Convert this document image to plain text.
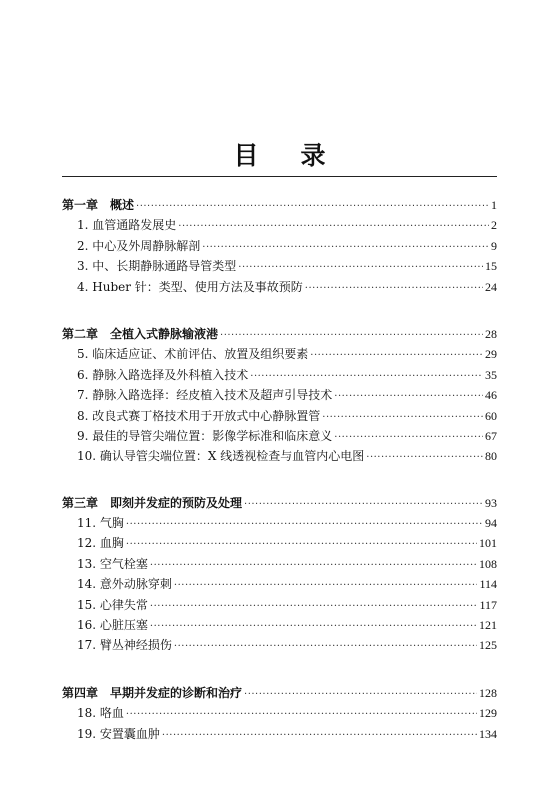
目录
第一章　概述 ·····	1
1. 血管通路发展史 ·····	2
2. 中心及外周静脉解剖 ·····	9
3. 中、长期静脉通路导管类型 ·····	15
4. Huber 针：类型、使用方法及事故预防 ·····	24
第二章　全植入式静脉输液港 ·····	28
5. 临床适应证、术前评估、放置及组织要素 ·····	29
6. 静脉入路选择及外科植入技术 ·····	35
7. 静脉入路选择：经皮植入技术及超声引导技术 ·····	46
8. 改良式赛丁格技术用于开放式中心静脉置管 ·····	60
9. 最佳的导管尖端位置：影像学标准和临床意义 ·····	67
10. 确认导管尖端位置：X 线透视检查与血管内心电图 ·····	80
第三章　即刻并发症的预防及处理 ·····	93
11. 气胸 ·····	94
12. 血胸 ·····	101
13. 空气栓塞 ·····	108
14. 意外动脉穿刺 ·····	114
15. 心律失常 ·····	117
16. 心脏压塞 ·····	121
17. 臂丛神经损伤 ·····	125
第四章　早期并发症的诊断和治疗 ·····	128
18. 咯血 ·····	129
19. 安置囊血肿 ·····	134
